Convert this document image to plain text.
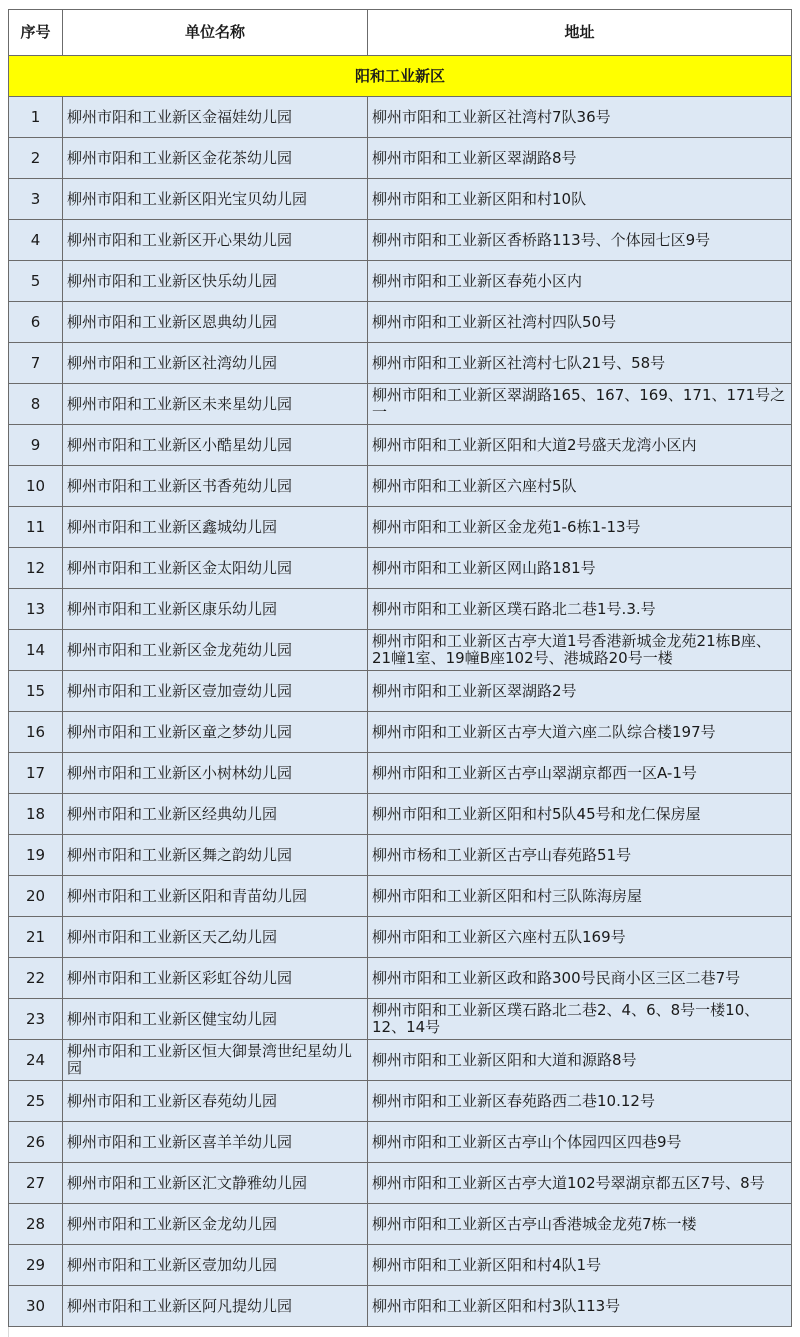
序号	单位名称	地址
阳和工业新区		
1	柳州市阳和工业新区金福娃幼儿园	柳州市阳和工业新区社湾村7队36号
2	柳州市阳和工业新区金花茶幼儿园	柳州市阳和工业新区翠湖路8号
3	柳州市阳和工业新区阳光宝贝幼儿园	柳州市阳和工业新区阳和村10队
4	柳州市阳和工业新区开心果幼儿园	柳州市阳和工业新区香桥路113号、个体园七区9号
5	柳州市阳和工业新区快乐幼儿园	柳州市阳和工业新区春苑小区内
6	柳州市阳和工业新区恩典幼儿园	柳州市阳和工业新区社湾村四队50号
7	柳州市阳和工业新区社湾幼儿园	柳州市阳和工业新区社湾村七队21号、58号
8	柳州市阳和工业新区未来星幼儿园	柳州市阳和工业新区翠湖路165、167、169、171、171号之一
9	柳州市阳和工业新区小酷星幼儿园	柳州市阳和工业新区阳和大道2号盛天龙湾小区内
10	柳州市阳和工业新区书香苑幼儿园	柳州市阳和工业新区六座村5队
11	柳州市阳和工业新区鑫城幼儿园	柳州市阳和工业新区金龙苑1-6栋1-13号
12	柳州市阳和工业新区金太阳幼儿园	柳州市阳和工业新区网山路181号
13	柳州市阳和工业新区康乐幼儿园	柳州市阳和工业新区璞石路北二巷1号.3.号
14	柳州市阳和工业新区金龙苑幼儿园	柳州市阳和工业新区古亭大道1号香港新城金龙苑21栋B座、21幢1室、19幢B座102号、港城路20号一楼
15	柳州市阳和工业新区壹加壹幼儿园	柳州市阳和工业新区翠湖路2号
16	柳州市阳和工业新区童之梦幼儿园	柳州市阳和工业新区古亭大道六座二队综合楼197号
17	柳州市阳和工业新区小树林幼儿园	柳州市阳和工业新区古亭山翠湖京都西一区A-1号
18	柳州市阳和工业新区经典幼儿园	柳州市阳和工业新区阳和村5队45号和龙仁保房屋
19	柳州市阳和工业新区舞之韵幼儿园	柳州市杨和工业新区古亭山春苑路51号
20	柳州市阳和工业新区阳和青苗幼儿园	柳州市阳和工业新区阳和村三队陈海房屋
21	柳州市阳和工业新区天乙幼儿园	柳州市阳和工业新区六座村五队169号
22	柳州市阳和工业新区彩虹谷幼儿园	柳州市阳和工业新区政和路300号民商小区三区二巷7号
23	柳州市阳和工业新区健宝幼儿园	柳州市阳和工业新区璞石路北二巷2、4、6、8号一楼10、12、14号
24	柳州市阳和工业新区恒大御景湾世纪星幼儿园	柳州市阳和工业新区阳和大道和源路8号
25	柳州市阳和工业新区春苑幼儿园	柳州市阳和工业新区春苑路西二巷10.12号
26	柳州市阳和工业新区喜羊羊幼儿园	柳州市阳和工业新区古亭山个体园四区四巷9号
27	柳州市阳和工业新区汇文静雅幼儿园	柳州市阳和工业新区古亭大道102号翠湖京都五区7号、8号
28	柳州市阳和工业新区金龙幼儿园	柳州市阳和工业新区古亭山香港城金龙苑7栋一楼
29	柳州市阳和工业新区壹加幼儿园	柳州市阳和工业新区阳和村4队1号
30	柳州市阳和工业新区阿凡提幼儿园	柳州市阳和工业新区阳和村3队113号
